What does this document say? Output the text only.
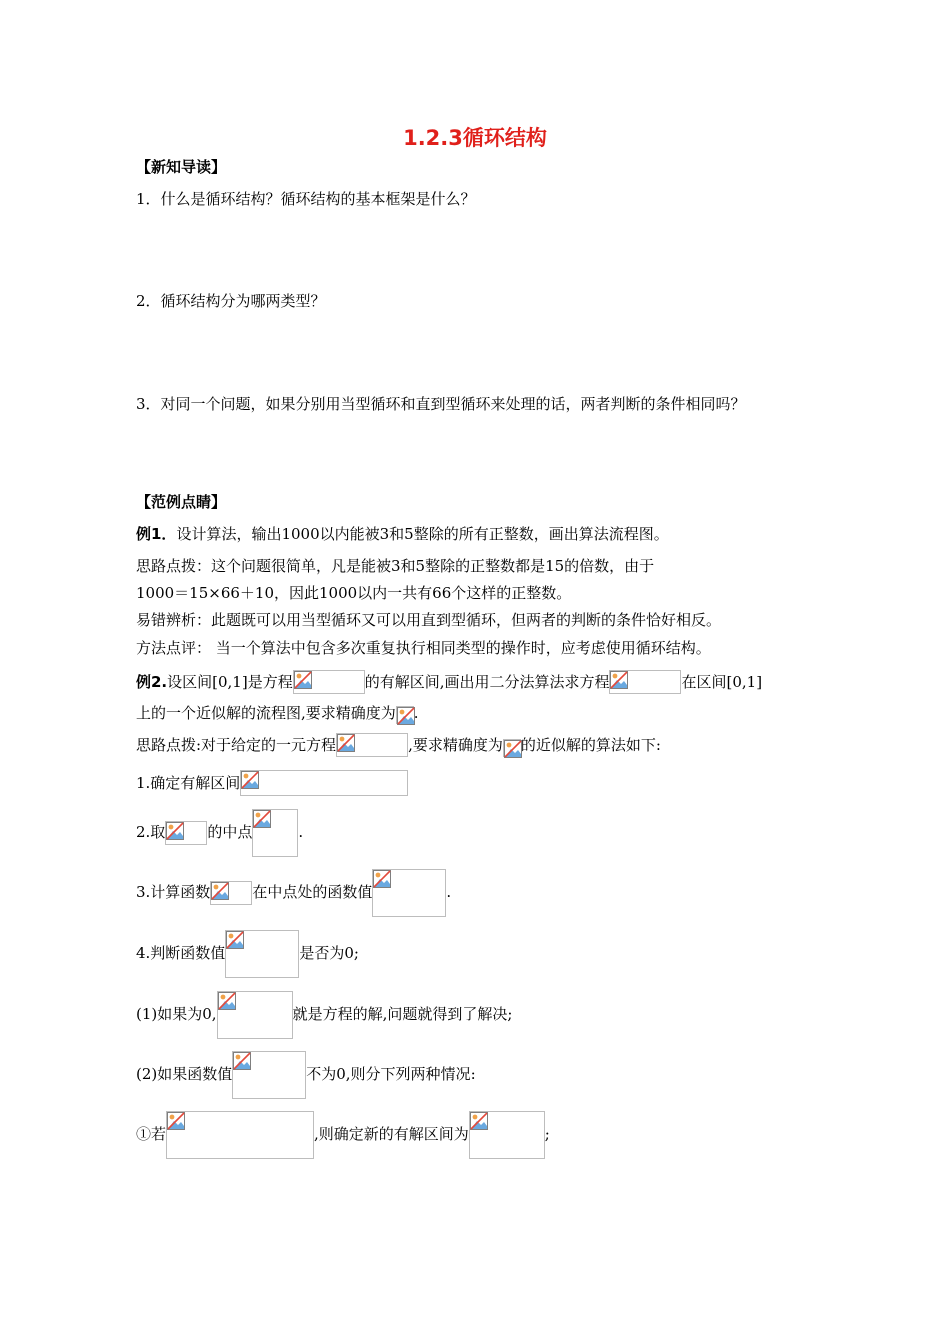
1.2.3循环结构
【新知导读】
1．什么是循环结构？循环结构的基本框架是什么？
2．循环结构分为哪两类型？
3．对同一个问题，如果分别用当型循环和直到型循环来处理的话，两者判断的条件相同吗？
【范例点睛】
例1．设计算法，输出1000以内能被3和5整除的所有正整数，画出算法流程图。
思路点拨：这个问题很简单，凡是能被3和5整除的正整数都是15的倍数，由于
1000＝15×66＋10，因此1000以内一共有66个这样的正整数。
易错辨析：此题既可以用当型循环又可以用直到型循环，但两者的判断的条件恰好相反。
方法点评： 当一个算法中包含多次重复执行相同类型的操作时，应考虑使用循环结构。
例2.设区间[0,1]是方程	的有解区间,画出用二分法算法求方程	在区间[0,1]
上的一个近似解的流程图,要求精确度为 .
思路点拨:对于给定的一元方程	,要求精确度为 的近似解的算法如下:
1.确定有解区间
2.取	的中点	.
3.计算函数	在中点处的函数值	.
4.判断函数值	是否为0;
(1)如果为0,	就是方程的解,问题就得到了解决;
(2)如果函数值	不为0,则分下列两种情况:
①若	,则确定新的有解区间为	;
